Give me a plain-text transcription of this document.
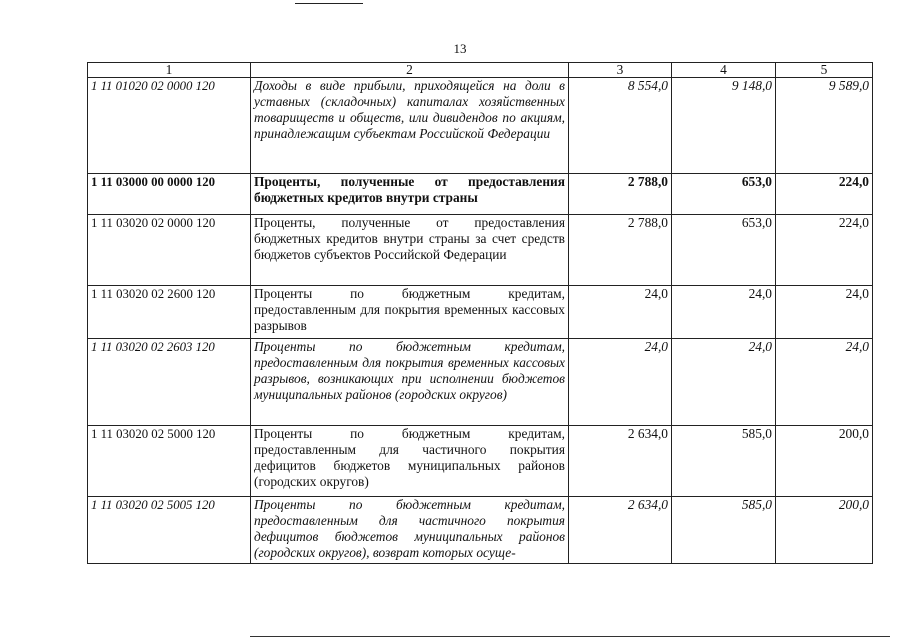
13
1	2	3	4	5
1 11 01020 02 0000 120	Доходы в виде прибыли, приходящейся на доли в уставных (складочных) капиталах хозяйственных товариществ и обществ, или дивидендов по акциям, принадлежащим субъектам Российской Федерации	8 554,0	9 148,0	9 589,0
1 11 03000 00 0000 120	Проценты, полученные от предоставления бюджетных кредитов внутри страны	2 788,0	653,0	224,0
1 11 03020 02 0000 120	Проценты, полученные от предоставления бюджетных кредитов внутри страны за счет средств бюджетов субъектов Российской Федерации	2 788,0	653,0	224,0
1 11 03020 02 2600 120	Проценты по бюджетным кредитам, предоставленным для покрытия временных кассовых разрывов	24,0	24,0	24,0
1 11 03020 02 2603 120	Проценты по бюджетным кредитам, предоставленным для покрытия временных кассовых разрывов, возникающих при исполнении бюджетов муниципальных районов (городских округов)	24,0	24,0	24,0
1 11 03020 02 5000 120	Проценты по бюджетным кредитам, предоставленным для частичного покрытия дефицитов бюджетов муниципальных районов (городских округов)	2 634,0	585,0	200,0
1 11 03020 02 5005 120	Проценты по бюджетным кредитам, предоставленным для частичного покрытия дефицитов бюджетов муниципальных районов (городских округов), возврат которых осуще-	2 634,0	585,0	200,0
